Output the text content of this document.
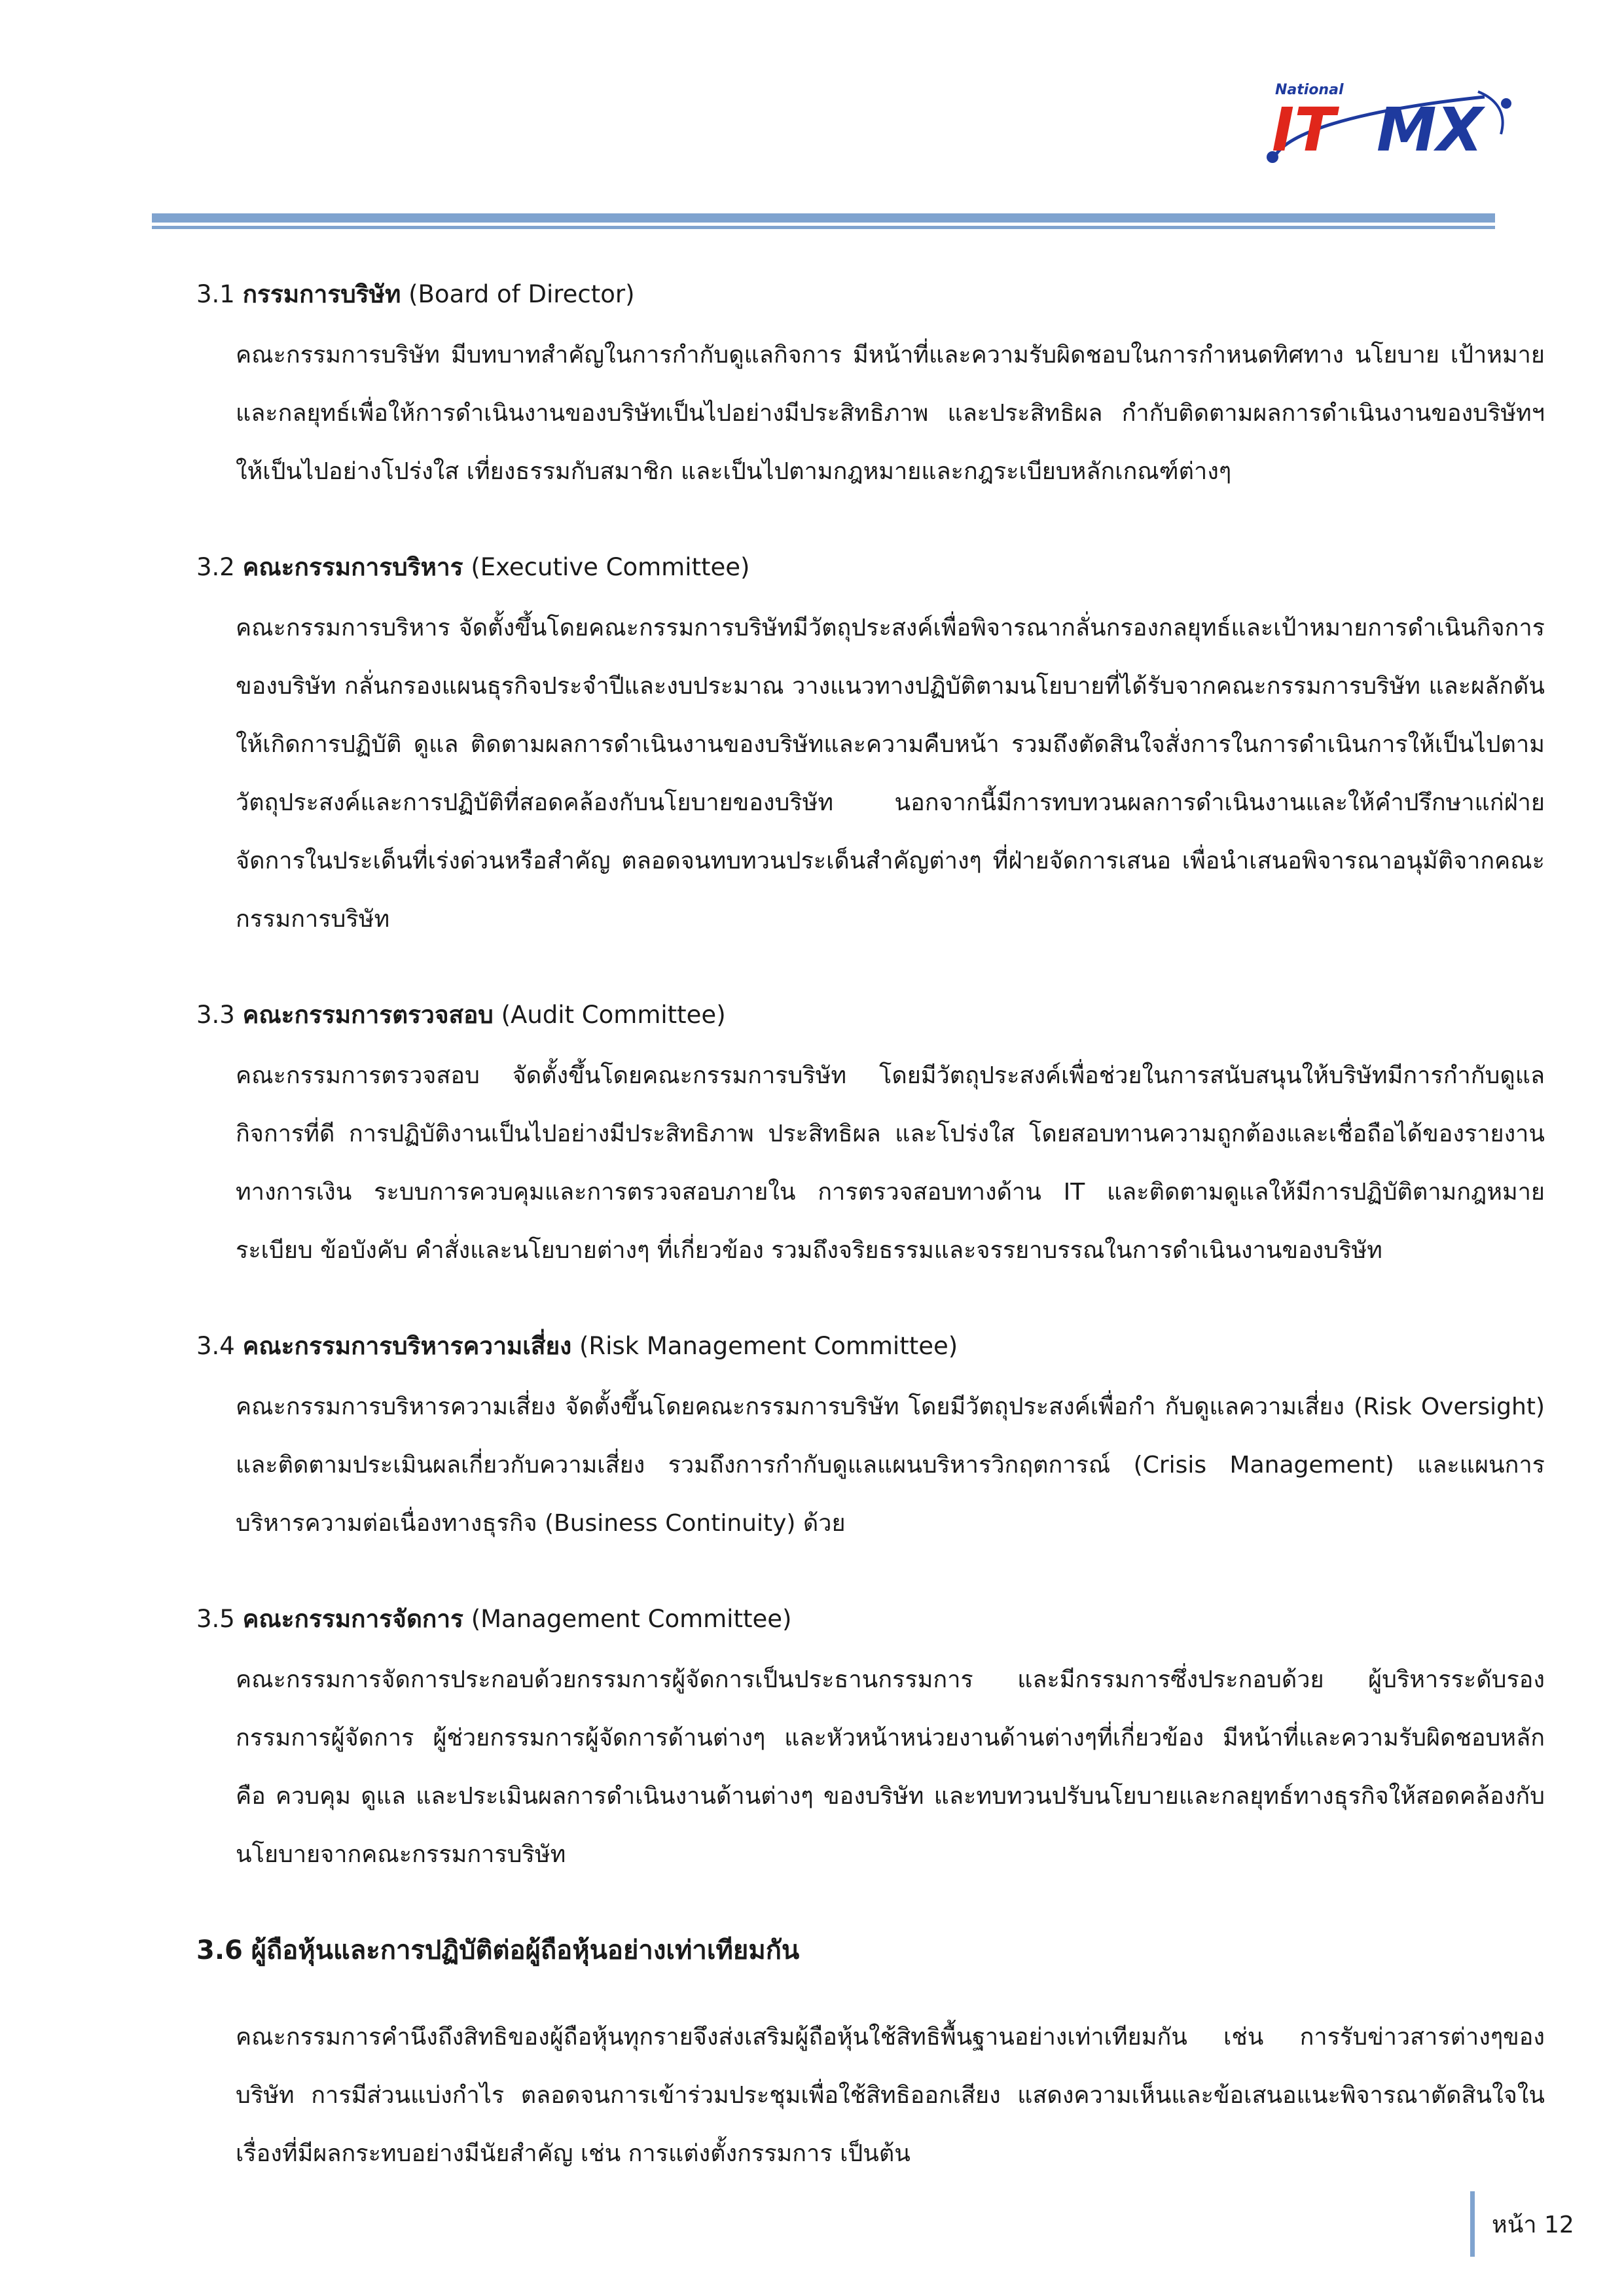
National
IT MX
3.1 กรรมการบริษัท (Board of Director)

คณะกรรมการบริษัท มีบทบาทสำคัญในการกำกับดูแลกิจการ มีหน้าที่และความรับผิดชอบในการกำหนดทิศทาง นโยบาย เป้าหมาย และกลยุทธ์เพื่อให้การดำเนินงานของบริษัทเป็นไปอย่างมีประสิทธิภาพ และประสิทธิผล กำกับติดตามผลการดำเนินงานของบริษัทฯ ให้เป็นไปอย่างโปร่งใส เที่ยงธรรมกับสมาชิก และเป็นไปตามกฎหมายและกฎระเบียบหลักเกณฑ์ต่างๆ

3.2 คณะกรรมการบริหาร (Executive Committee)

คณะกรรมการบริหาร จัดตั้งขึ้นโดยคณะกรรมการบริษัทมีวัตถุประสงค์เพื่อพิจารณากลั่นกรองกลยุทธ์และเป้าหมายการดำเนินกิจการของบริษัท กลั่นกรองแผนธุรกิจประจำปีและงบประมาณ วางแนวทางปฏิบัติตามนโยบายที่ได้รับจากคณะกรรมการบริษัท และผลักดันให้เกิดการปฏิบัติ ดูแล ติดตามผลการดำเนินงานของบริษัทและความคืบหน้า รวมถึงตัดสินใจสั่งการในการดำเนินการให้เป็นไปตามวัตถุประสงค์และการปฏิบัติที่สอดคล้องกับนโยบายของบริษัท นอกจากนี้มีการทบทวนผลการดำเนินงานและให้คำปรึกษาแก่ฝ่ายจัดการในประเด็นที่เร่งด่วนหรือสำคัญ ตลอดจนทบทวนประเด็นสำคัญต่างๆ ที่ฝ่ายจัดการเสนอ เพื่อนำเสนอพิจารณาอนุมัติจากคณะกรรมการบริษัท

3.3 คณะกรรมการตรวจสอบ (Audit Committee)

คณะกรรมการตรวจสอบ จัดตั้งขึ้นโดยคณะกรรมการบริษัท โดยมีวัตถุประสงค์เพื่อช่วยในการสนับสนุนให้บริษัทมีการกำกับดูแลกิจการที่ดี การปฏิบัติงานเป็นไปอย่างมีประสิทธิภาพ ประสิทธิผล และโปร่งใส โดยสอบทานความถูกต้องและเชื่อถือได้ของรายงานทางการเงิน ระบบการควบคุมและการตรวจสอบภายใน การตรวจสอบทางด้าน IT และติดตามดูแลให้มีการปฏิบัติตามกฎหมาย ระเบียบ ข้อบังคับ คำสั่งและนโยบายต่างๆ ที่เกี่ยวข้อง รวมถึงจริยธรรมและจรรยาบรรณในการดำเนินงานของบริษัท

3.4 คณะกรรมการบริหารความเสี่ยง (Risk Management Committee)

คณะกรรมการบริหารความเสี่ยง จัดตั้งขึ้นโดยคณะกรรมการบริษัท โดยมีวัตถุประสงค์เพื่อกำ กับดูแลความเสี่ยง (Risk Oversight) และติดตามประเมินผลเกี่ยวกับความเสี่ยง รวมถึงการกำกับดูแลแผนบริหารวิกฤตการณ์ (Crisis Management) และแผนการบริหารความต่อเนื่องทางธุรกิจ (Business Continuity) ด้วย

3.5 คณะกรรมการจัดการ (Management Committee)

คณะกรรมการจัดการประกอบด้วยกรรมการผู้จัดการเป็นประธานกรรมการ และมีกรรมการซึ่งประกอบด้วย ผู้บริหารระดับรองกรรมการผู้จัดการ ผู้ช่วยกรรมการผู้จัดการด้านต่างๆ และหัวหน้าหน่วยงานด้านต่างๆที่เกี่ยวข้อง มีหน้าที่และความรับผิดชอบหลัก คือ ควบคุม ดูแล และประเมินผลการดำเนินงานด้านต่างๆ ของบริษัท และทบทวนปรับนโยบายและกลยุทธ์ทางธุรกิจให้สอดคล้องกับนโยบายจากคณะกรรมการบริษัท

3.6 ผู้ถือหุ้นและการปฏิบัติต่อผู้ถือหุ้นอย่างเท่าเทียมกัน

คณะกรรมการคำนึงถึงสิทธิของผู้ถือหุ้นทุกรายจึงส่งเสริมผู้ถือหุ้นใช้สิทธิพื้นฐานอย่างเท่าเทียมกัน เช่น การรับข่าวสารต่างๆของบริษัท การมีส่วนแบ่งกำไร ตลอดจนการเข้าร่วมประชุมเพื่อใช้สิทธิออกเสียง แสดงความเห็นและข้อเสนอแนะพิจารณาตัดสินใจในเรื่องที่มีผลกระทบอย่างมีนัยสำคัญ เช่น การแต่งตั้งกรรมการ เป็นต้น

หน้า 12
